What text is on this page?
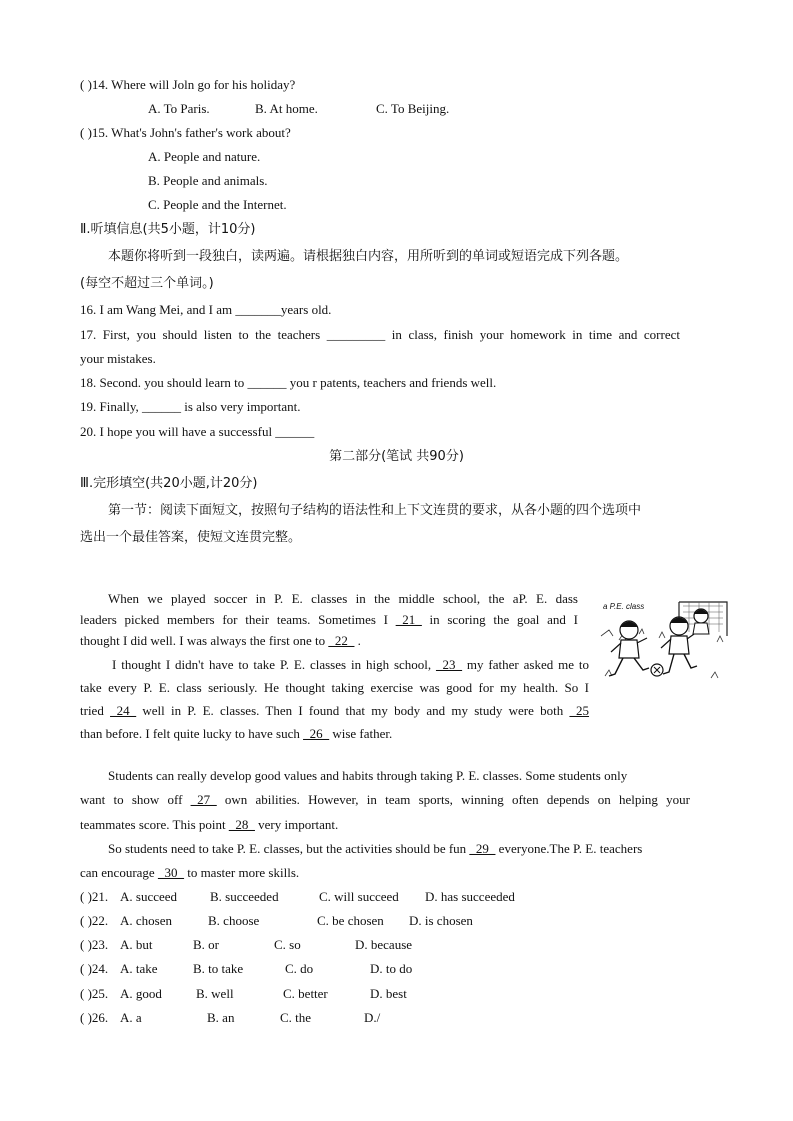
( )14. Where will Joln go for his holiday?
A. To Paris.	B. At home.	C. To Beijing.
( )15. What's John's father's work about?
A. People and nature.
B. People and animals.
C. People and the Internet.
Ⅱ.听填信息(共5小题，计10分)
本题你将听到一段独白，读两遍。请根据独白内容，用所听到的单词或短语完成下列各题。
(每空不超过三个单词。)
16. I am Wang Mei, and I am _______years old.
17. First, you should listen to the teachers _________ in class, finish your homework in time and correct
your mistakes.
18. Second. you should learn to ______ you r patents, teachers and friends well.
19. Finally, ______ is also very important.
20. I hope you will have a successful ______
第二部分(笔试 共90分)
Ⅲ.完形填空(共20小题,计20分)
第一节：阅读下面短文，按照句子结构的语法性和上下文连贯的要求，从各小题的四个选项中
选出一个最佳答案，使短文连贯完整。
When we played soccer in P. E. classes in the middle school, the aP. E. dass
leaders picked members for their teams. Sometimes I _21_ in scoring the goal and I
thought I did well. I was always the first one to _22_ .
I thought I didn't have to take P. E. classes in high school, _23_ my father asked me to
take every P. E. class seriously. He thought taking exercise was good for my health. So I
tried _24_ well in P. E. classes. Then I found that my body and my study were both _25
than before. I felt quite lucky to have such _26_ wise father.
a P.E. class
Students can really develop good values and habits through taking P. E. classes. Some students only
want to show off _27_ own abilities. However, in team sports, winning often depends on helping your
teammates score. This point _28_ very important.
So students need to take P. E. classes, but the activities should be fun _29_ everyone.The P. E. teachers
can encourage _30_ to master more skills.
( )21. A. succeed	B. succeeded	C. will succeed D. has succeeded
( )22. A. chosen	B. choose	C. be chosen D. is chosen
( )23. A. but	B. or	C. so	D. because
( )24. A. take	B. to take	C. do	D. to do
( )25. A. good	B. well	C. better	D. best
( )26. A. a	B. an	C. the	D./
